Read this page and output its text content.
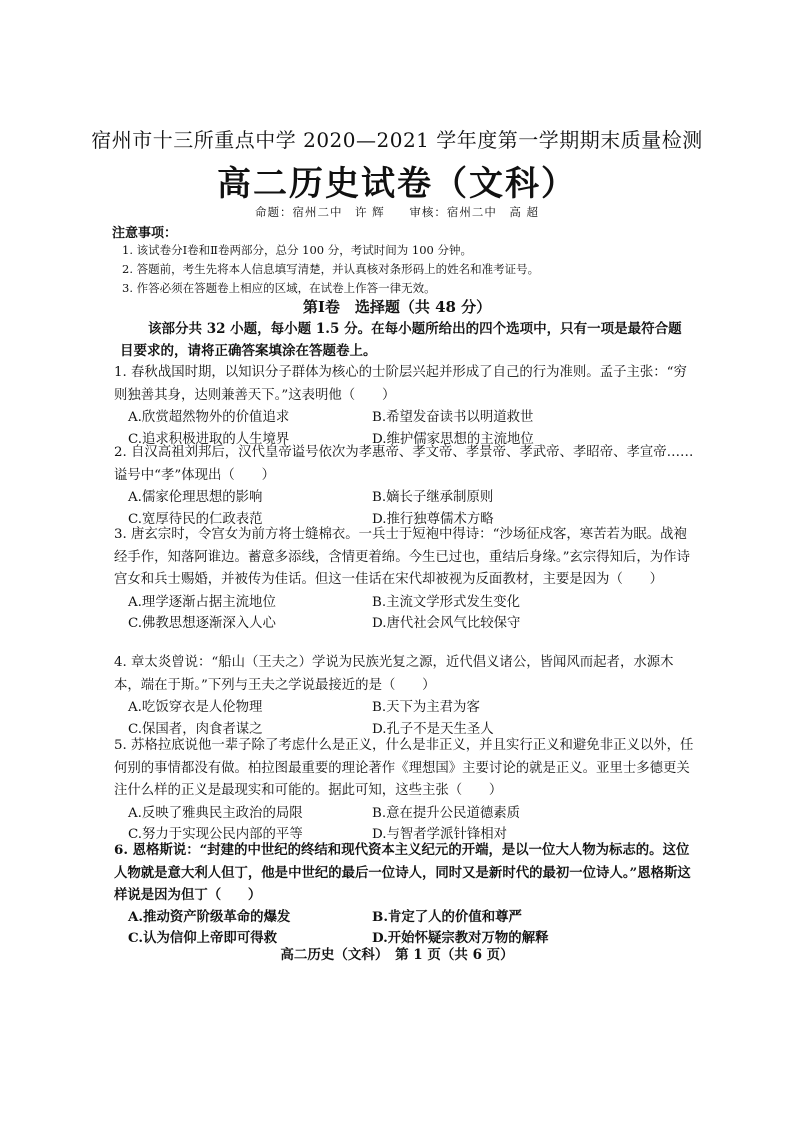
宿州市十三所重点中学 2020—2021 学年度第一学期期末质量检测
高二历史试卷（文科）
命题：宿州二中　许 辉 审核：宿州二中　高 超
注意事项：
1. 该试卷分Ⅰ卷和Ⅱ卷两部分，总分 100 分，考试时间为 100 分钟。
2. 答题前，考生先将本人信息填写清楚，并认真核对条形码上的姓名和准考证号。
3. 作答必须在答题卷上相应的区域，在试卷上作答一律无效。
第Ⅰ卷　选择题（共 48 分）
该部分共 32 小题，每小题 1.5 分。在每小题所给出的四个选项中，只有一项是最符合题目要求的，请将正确答案填涂在答题卷上。

1. 春秋战国时期，以知识分子群体为核心的士阶层兴起并形成了自己的行为准则。孟子主张：“穷则独善其身，达则兼善天下。”这表明他（　　）

A.欣赏超然物外的价值追求	B.希望发奋读书以明道救世
C.追求积极进取的人生境界	D.维护儒家思想的主流地位

2. 自汉高祖刘邦后，汉代皇帝谥号依次为孝惠帝、孝文帝、孝景帝、孝武帝、孝昭帝、孝宣帝……谥号中“孝”体现出（　　）

A.儒家伦理思想的影响	B.嫡长子继承制原则
C.宽厚待民的仁政表范	D.推行独尊儒术方略

3. 唐玄宗时，令宫女为前方将士缝棉衣。一兵士于短袍中得诗：“沙场征戍客，寒苦若为眠。战袍经手作，知落阿谁边。蓄意多添线，含情更着绵。今生已过也，重结后身缘。”玄宗得知后，为作诗宫女和兵士赐婚，并被传为佳话。但这一佳话在宋代却被视为反面教材，主要是因为（　　）

A.理学逐渐占据主流地位	B.主流文学形式发生变化
C.佛教思想逐渐深入人心	D.唐代社会风气比较保守

4. 章太炎曾说：“船山（王夫之）学说为民族光复之源，近代倡义诸公，皆闻风而起者，水源木本，端在于斯。”下列与王夫之学说最接近的是（　　）

A.吃饭穿衣是人伦物理	B.天下为主君为客
C.保国者，肉食者谋之	D.孔子不是天生圣人

5. 苏格拉底说他一辈子除了考虑什么是正义，什么是非正义，并且实行正义和避免非正义以外，任何别的事情都没有做。柏拉图最重要的理论著作《理想国》主要讨论的就是正义。亚里士多德更关注什么样的正义是最现实和可能的。据此可知，这些主张（　　）

A.反映了雅典民主政治的局限	B.意在提升公民道德素质
C.努力于实现公民内部的平等	D.与智者学派针锋相对

6. 恩格斯说：“封建的中世纪的终结和现代资本主义纪元的开端，是以一位大人物为标志的。这位人物就是意大利人但丁，他是中世纪的最后一位诗人，同时又是新时代的最初一位诗人。”恩格斯这样说是因为但丁（　　）

A.推动资产阶级革命的爆发	B.肯定了人的价值和尊严
C.认为信仰上帝即可得救	D.开始怀疑宗教对万物的解释
高二历史（文科）　第 1 页（共 6 页）
